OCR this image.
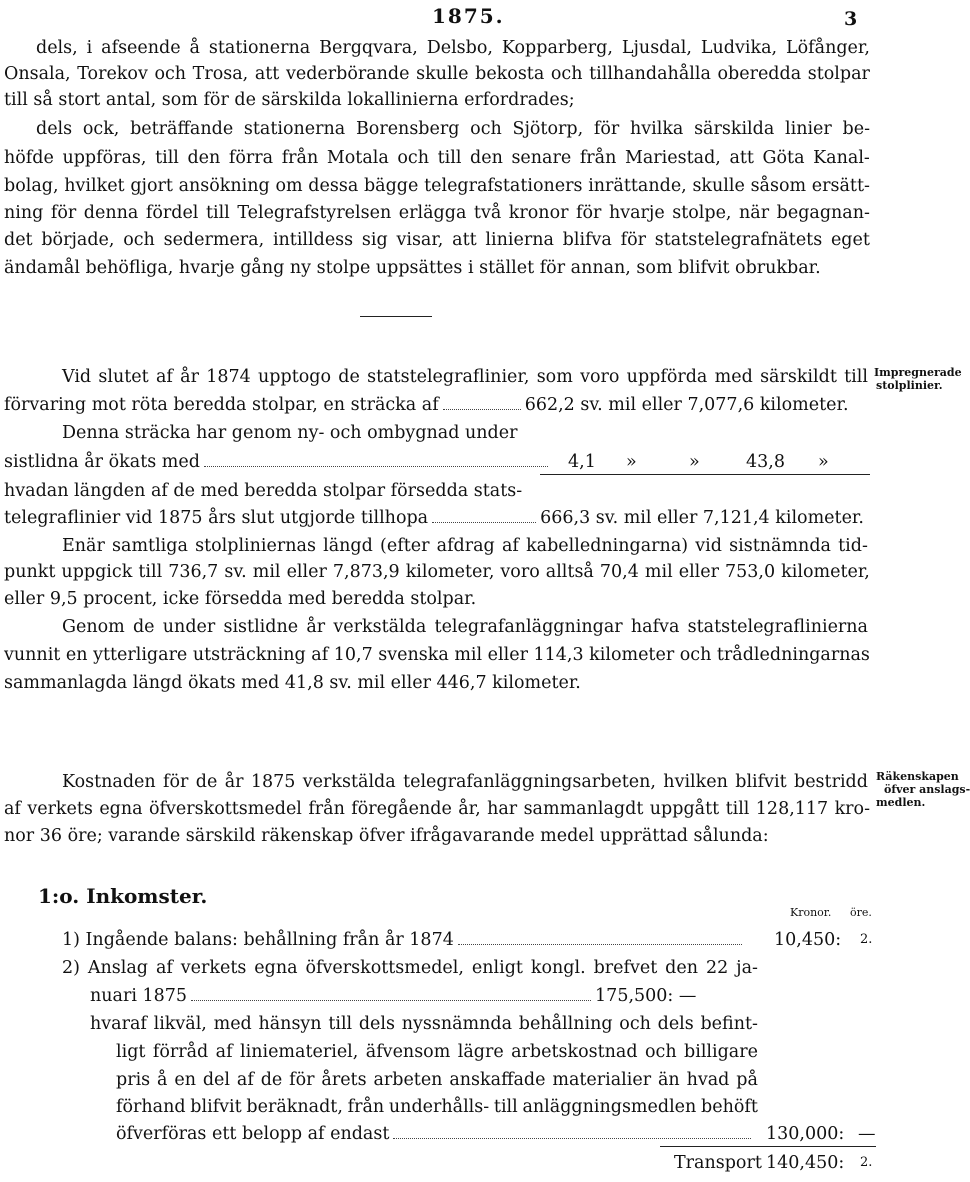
1875.	3
dels, i afseende å stationerna Bergqvara, Delsbo, Kopparberg, Ljusdal, Ludvika, Löfånger,
Onsala, Torekov och Trosa, att vederbörande skulle bekosta och tillhandahålla oberedda stolpar
till så stort antal, som för de särskilda lokallinierna erfordrades;
dels ock, beträffande stationerna Borensberg och Sjötorp, för hvilka särskilda linier be-
höfde uppföras, till den förra från Motala och till den senare från Mariestad, att Göta Kanal-
bolag, hvilket gjort ansökning om dessa bägge telegrafstationers inrättande, skulle såsom ersätt-
ning för denna fördel till Telegrafstyrelsen erlägga två kronor för hvarje stolpe, när begagnan-
det började, och sedermera, intilldess sig visar, att linierna blifva för statstelegrafnätets eget
ändamål behöfliga, hvarje gång ny stolpe uppsättes i stället för annan, som blifvit obrukbar.
Vid slutet af år 1874 upptogo de statstelegraflinier, som voro uppförda med särskildt till Impregnerade
stolplinier.
förvaring mot röta beredda stolpar, en sträcka af	662,2 sv. mil eller 7,077,6 kilometer.
Denna sträcka har genom ny- och ombygnad under
sistlidna år ökats med	4,1 »	»	43,8 »
hvadan längden af de med beredda stolpar försedda stats-
telegraflinier vid 1875 års slut utgjorde tillhopa	666,3 sv. mil eller 7,121,4 kilometer.
Enär samtliga stolpliniernas längd (efter afdrag af kabelledningarna) vid sistnämnda tid-
punkt uppgick till 736,7 sv. mil eller 7,873,9 kilometer, voro alltså 70,4 mil eller 753,0 kilometer,
eller 9,5 procent, icke försedda med beredda stolpar.
Genom de under sistlidne år verkstälda telegrafanläggningar hafva statstelegraflinierna
vunnit en ytterligare utsträckning af 10,7 svenska mil eller 114,3 kilometer och trådledningarnas
sammanlagda längd ökats med 41,8 sv. mil eller 446,7 kilometer.
Kostnaden för de år 1875 verkstälda telegrafanläggningsarbeten, hvilken blifvit bestridd Räkenskapen
öfver anslags-
medlen.
af verkets egna öfverskottsmedel från föregående år, har sammanlagdt uppgått till 128,117 kro-
nor 36 öre; varande särskild räkenskap öfver ifrågavarande medel upprättad sålunda:
1:o. Inkomster.
Kronor. öre.
1) Ingående balans: behållning från år 1874	10,450: 2.
2) Anslag af verkets egna öfverskottsmedel, enligt kongl. brefvet den 22 ja-
nuari 1875	175,500: —
hvaraf likväl, med hänsyn till dels nyssnämnda behållning och dels befint-
ligt förråd af liniemateriel, äfvensom lägre arbetskostnad och billigare
pris å en del af de för årets arbeten anskaffade materialier än hvad på
förhand blifvit beräknadt, från underhålls- till anläggningsmedlen behöft
öfverföras ett belopp af endast	130,000: —
Transport 140,450: 2.
